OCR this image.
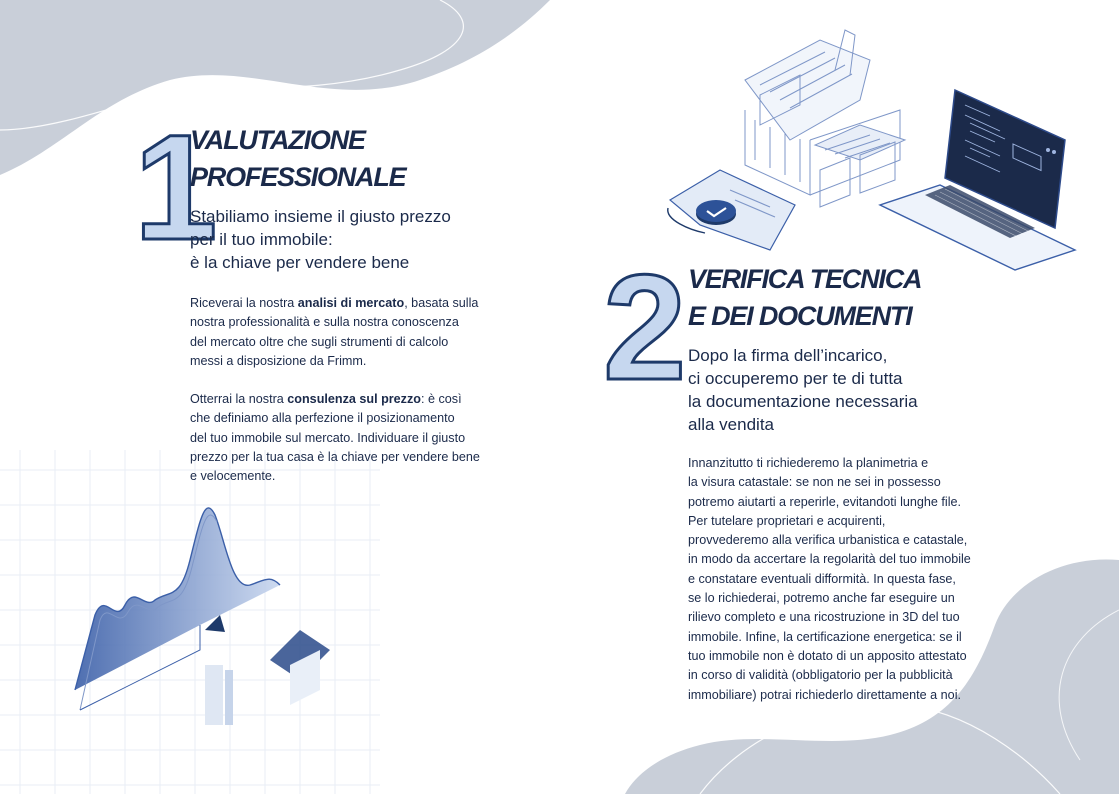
1
VALUTAZIONE
PROFESSIONALE
Stabiliamo insieme il giusto prezzo
per il tuo immobile:
è la chiave per vendere bene

Riceverai la nostra analisi di mercato, basata sulla

nostra professionalità e sulla nostra conoscenza

del mercato oltre che sugli strumenti di calcolo

messi a disposizione da Frimm.

Otterrai la nostra consulenza sul prezzo: è così

che definiamo alla perfezione il posizionamento

del tuo immobile sul mercato. Individuare il giusto

prezzo per la tua casa è la chiave per vendere bene

e velocemente.

2 VERIFICA TECNICA
E DEI DOCUMENTI
Dopo la firma dell’incarico,
ci occuperemo per te di tutta
la documentazione necessaria
alla vendita

Innanzitutto ti richiederemo la planimetria e

la visura catastale: se non ne sei in possesso

potremo aiutarti a reperirle, evitandoti lunghe file.

Per tutelare proprietari e acquirenti,

provvederemo alla verifica urbanistica e catastale,

in modo da accertare la regolarità del tuo immobile

e constatare eventuali difformità. In questa fase,

se lo richiederai, potremo anche far eseguire un

rilievo completo e una ricostruzione in 3D del tuo

immobile. Infine, la certificazione energetica: se il

tuo immobile non è dotato di un apposito attestato

in corso di validità (obbligatorio per la pubblicità

immobiliare) potrai richiederlo direttamente a noi.
